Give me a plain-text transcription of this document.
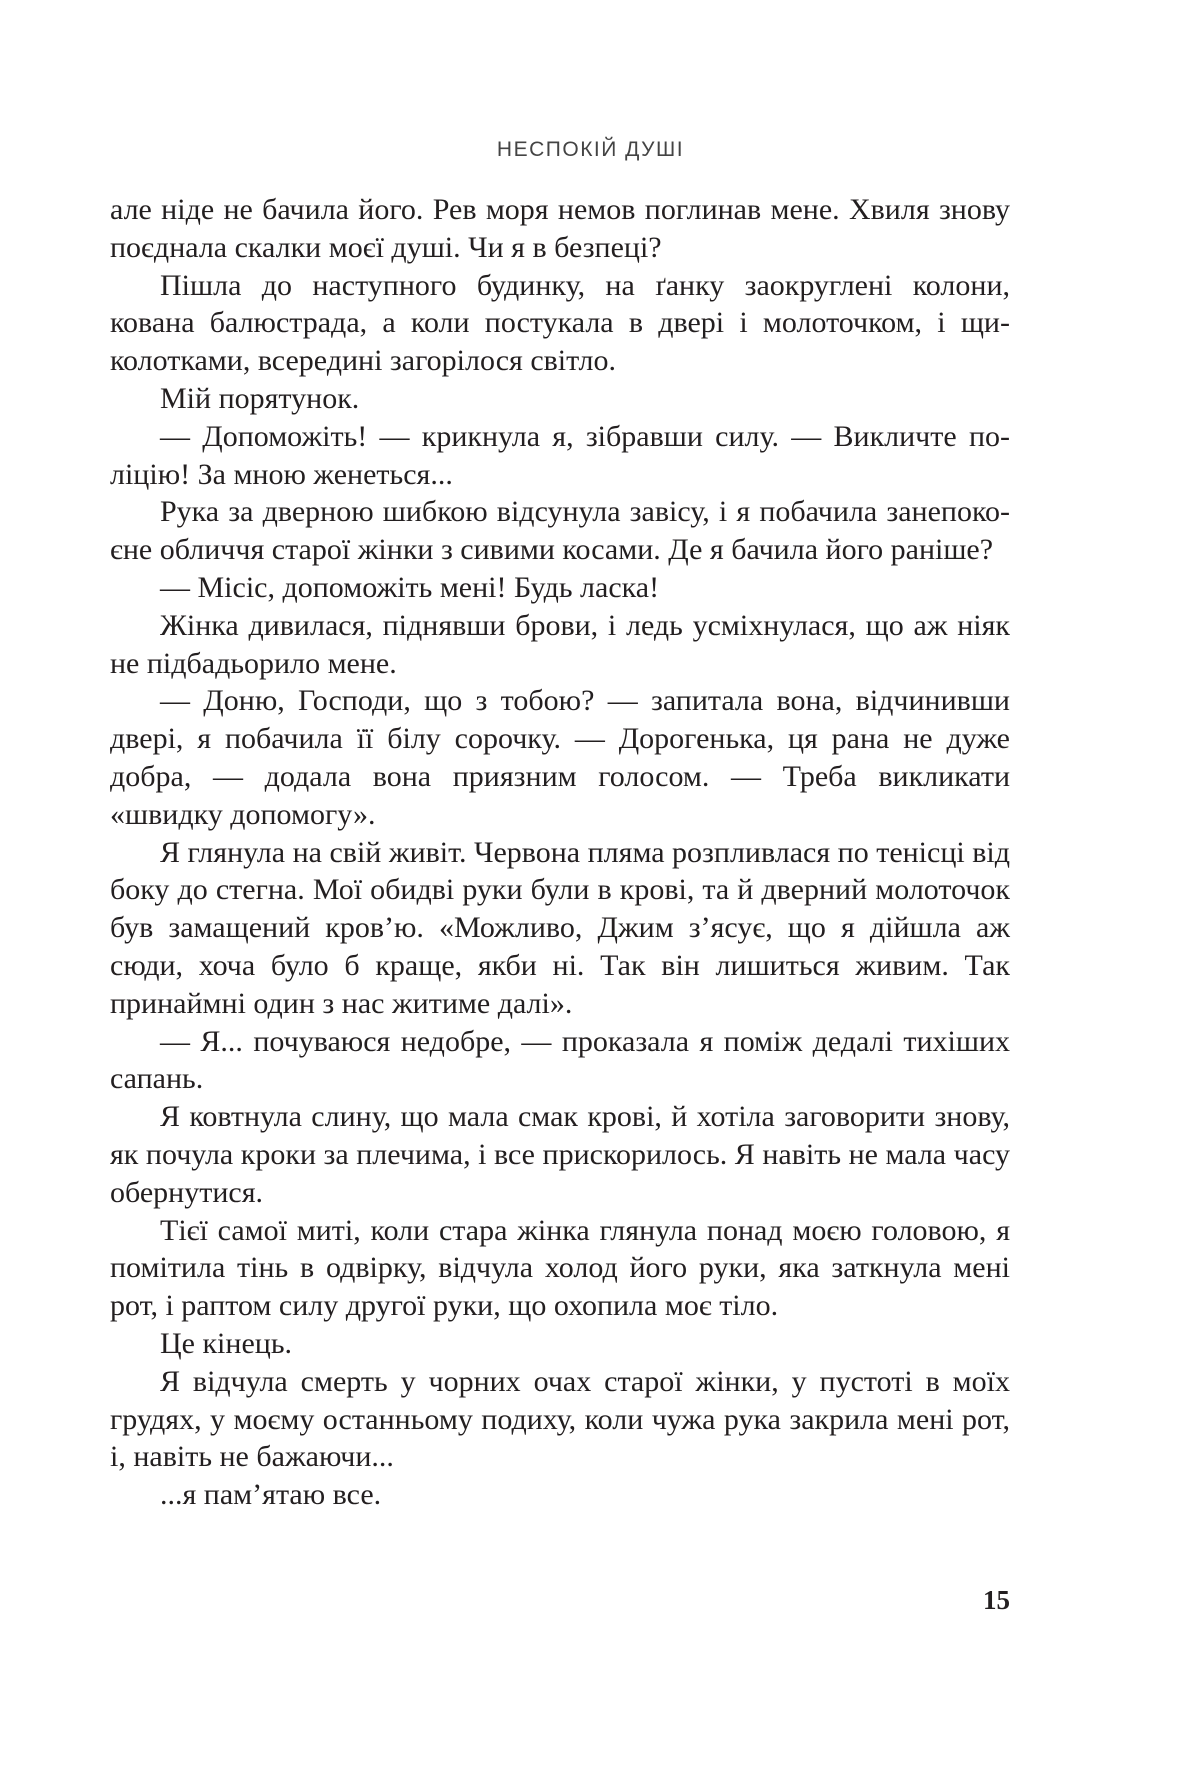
НЕСПОКІЙ ДУШІ

але ніде не бачила його. Рев моря немов поглинав мене. Хвиля знову поєднала скалки моєї душі. Чи я в безпеці?

Пішла до наступного будинку, на ґанку заокруглені колони, кована балюстрада, а коли постукала в двері і молоточком, і щиколотками, всередині загорілося світло.

Мій порятунок.

— Допоможіть! — крикнула я, зібравши силу. — Викличте поліцію! За мною женеться...

Рука за дверною шибкою відсунула завісу, і я побачила занепокоєне обличчя старої жінки з сивими косами. Де я бачила його раніше?

— Місіс, допоможіть мені! Будь ласка!

Жінка дивилася, піднявши брови, і ледь усміхнулася, що аж ніяк не підбадьорило мене.

— Доню, Господи, що з тобою? — запитала вона, відчинивши двері, я побачила її білу сорочку. — Дорогенька, ця рана не дуже добра, — додала вона приязним голосом. — Треба викликати «швидку допомогу».

Я глянула на свій живіт. Червона пляма розпливлася по тенісці від боку до стегна. Мої обидві руки були в крові, та й дверний молоточок був замащений кров’ю. «Можливо, Джим з’ясує, що я дійшла аж сюди, хоча було б краще, якби ні. Так він лишиться живим. Так принаймні один з нас житиме далі».

— Я... почуваюся недобре, — проказала я поміж дедалі тихіших сапань.

Я ковтнула слину, що мала смак крові, й хотіла заговорити знову, як почула кроки за плечима, і все прискорилось. Я навіть не мала часу обернутися.

Тієї самої миті, коли стара жінка глянула понад моєю головою, я помітила тінь в одвірку, відчула холод його руки, яка заткнула мені рот, і раптом силу другої руки, що охопила моє тіло.

Це кінець.

Я відчула смерть у чорних очах старої жінки, у пустоті в моїх грудях, у моєму останньому подиху, коли чужа рука закрила мені рот, і, навіть не бажаючи...

...я пам’ятаю все.

15
